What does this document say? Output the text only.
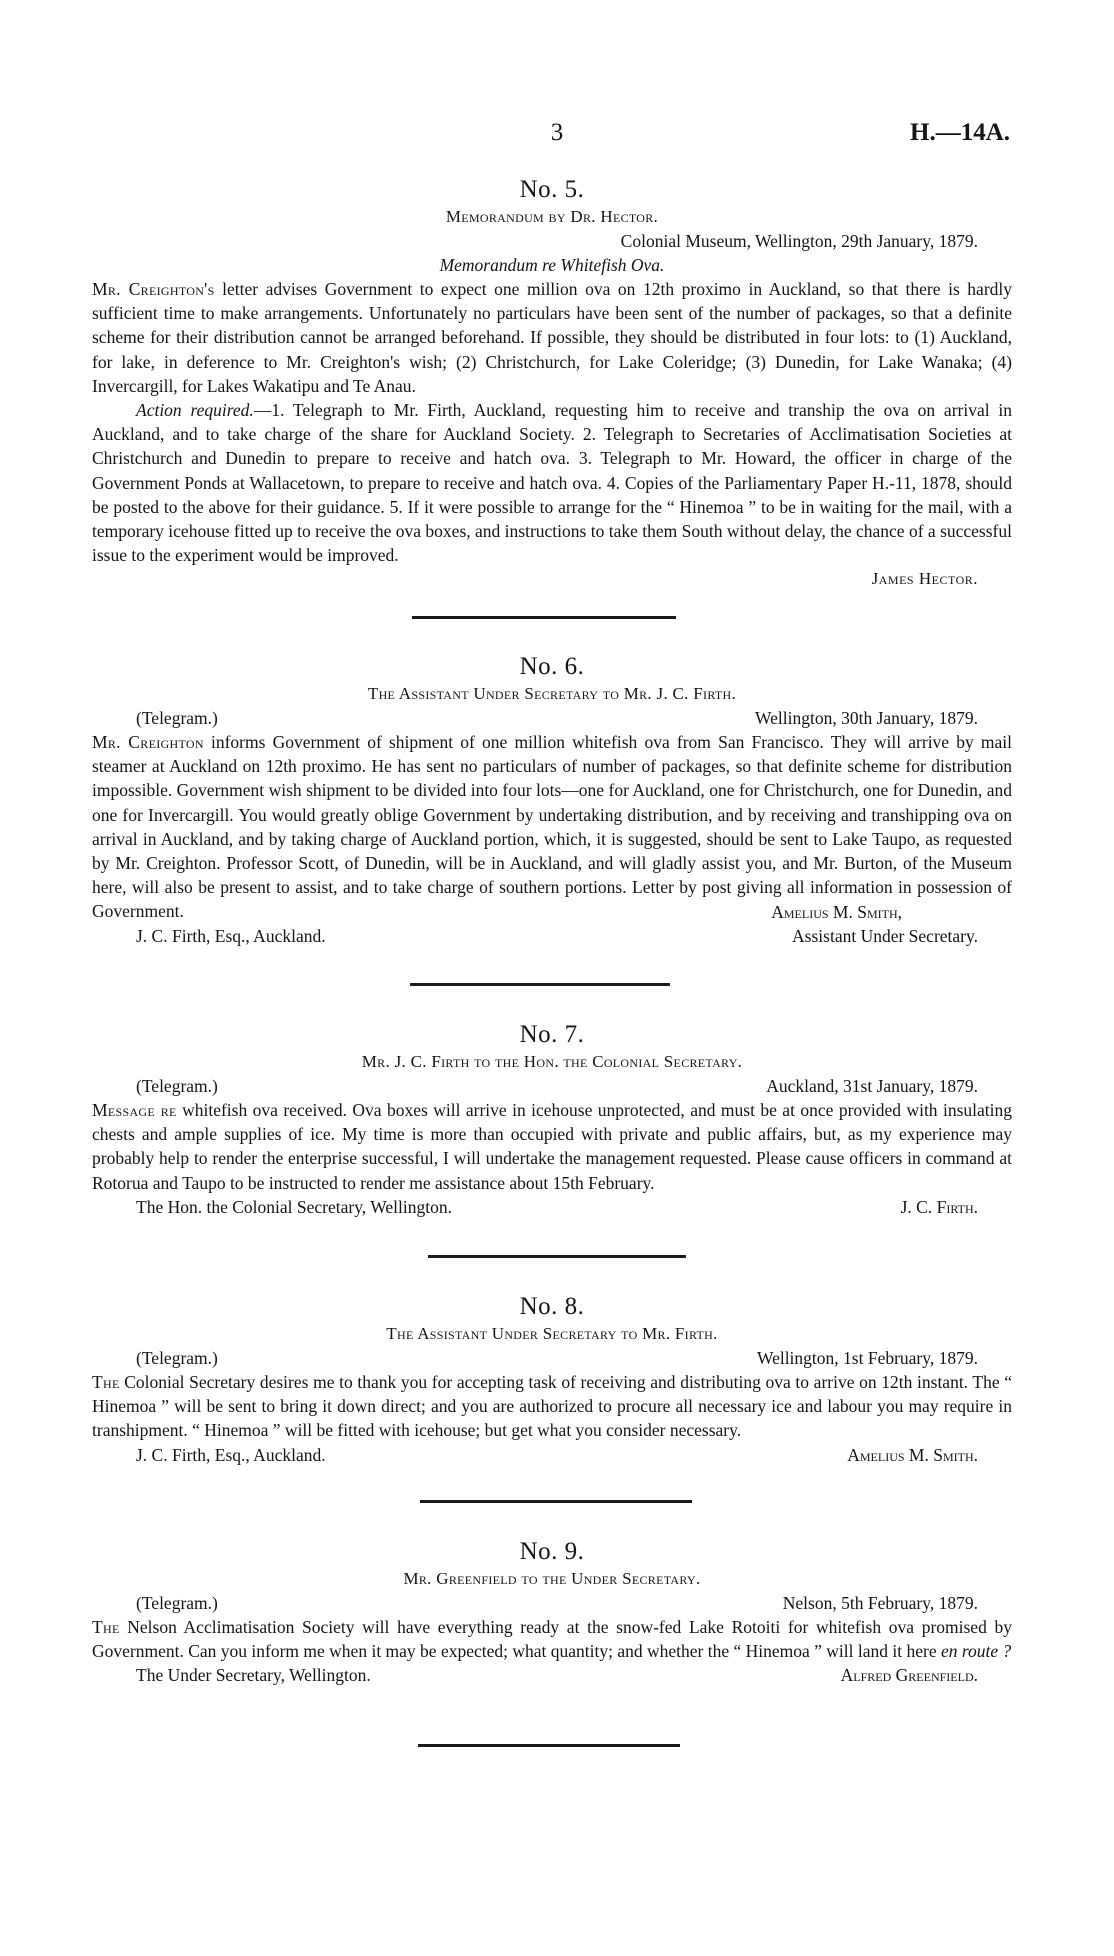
3	H.—14A.
No. 5.
Memorandum by Dr. Hector.
Colonial Museum, Wellington, 29th January, 1879.
Memorandum re Whitefish Ova.

Mr. Creighton's letter advises Government to expect one million ova on 12th proximo in Auckland, so that there is hardly sufficient time to make arrangements. Unfortunately no particulars have been sent of the number of packages, so that a definite scheme for their distribution cannot be arranged beforehand. If possible, they should be distributed in four lots: to (1) Auckland, for lake, in deference to Mr. Creighton's wish; (2) Christchurch, for Lake Coleridge; (3) Dunedin, for Lake Wanaka; (4) Invercargill, for Lakes Wakatipu and Te Anau.

Action required.—1. Telegraph to Mr. Firth, Auckland, requesting him to receive and tranship the ova on arrival in Auckland, and to take charge of the share for Auckland Society. 2. Telegraph to Secretaries of Acclimatisation Societies at Christchurch and Dunedin to prepare to receive and hatch ova. 3. Telegraph to Mr. Howard, the officer in charge of the Government Ponds at Wallacetown, to prepare to receive and hatch ova. 4. Copies of the Parliamentary Paper H.-11, 1878, should be posted to the above for their guidance. 5. If it were possible to arrange for the “ Hinemoa ” to be in waiting for the mail, with a temporary icehouse fitted up to receive the ova boxes, and instructions to take them South without delay, the chance of a successful issue to the experiment would be improved.

James Hector.
No. 6.
The Assistant Under Secretary to Mr. J. C. Firth.
(Telegram.)	Wellington, 30th January, 1879.

Mr. Creighton informs Government of shipment of one million whitefish ova from San Francisco. They will arrive by mail steamer at Auckland on 12th proximo. He has sent no particulars of number of packages, so that definite scheme for distribution impossible. Government wish shipment to be divided into four lots—one for Auckland, one for Christchurch, one for Dunedin, and one for Invercargill. You would greatly oblige Government by undertaking distribution, and by receiving and transhipping ova on arrival in Auckland, and by taking charge of Auckland portion, which, it is suggested, should be sent to Lake Taupo, as requested by Mr. Creighton. Professor Scott, of Dunedin, will be in Auckland, and will gladly assist you, and Mr. Burton, of the Museum here, will also be present to assist, and to take charge of southern portions. Letter by post giving all information in possession of Government.	Amelius M. Smith,
J. C. Firth, Esq., Auckland.	Assistant Under Secretary.
No. 7.
Mr. J. C. Firth to the Hon. the Colonial Secretary.
(Telegram.)	Auckland, 31st January, 1879.

Message re whitefish ova received. Ova boxes will arrive in icehouse unprotected, and must be at once provided with insulating chests and ample supplies of ice. My time is more than occupied with private and public affairs, but, as my experience may probably help to render the enterprise successful, I will undertake the management requested. Please cause officers in command at Rotorua and Taupo to be instructed to render me assistance about 15th February.

The Hon. the Colonial Secretary, Wellington.	J. C. Firth.
No. 8.
The Assistant Under Secretary to Mr. Firth.
(Telegram.)	Wellington, 1st February, 1879.

The Colonial Secretary desires me to thank you for accepting task of receiving and distributing ova to arrive on 12th instant. The “ Hinemoa ” will be sent to bring it down direct; and you are authorized to procure all necessary ice and labour you may require in transhipment. “ Hinemoa ” will be fitted with icehouse; but get what you consider necessary.

J. C. Firth, Esq., Auckland.	Amelius M. Smith.
No. 9.
Mr. Greenfield to the Under Secretary.
(Telegram.)	Nelson, 5th February, 1879.

The Nelson Acclimatisation Society will have everything ready at the snow-fed Lake Rotoiti for whitefish ova promised by Government. Can you inform me when it may be expected; what quantity; and whether the “ Hinemoa ” will land it here en route ?

The Under Secretary, Wellington.	Alfred Greenfield.
